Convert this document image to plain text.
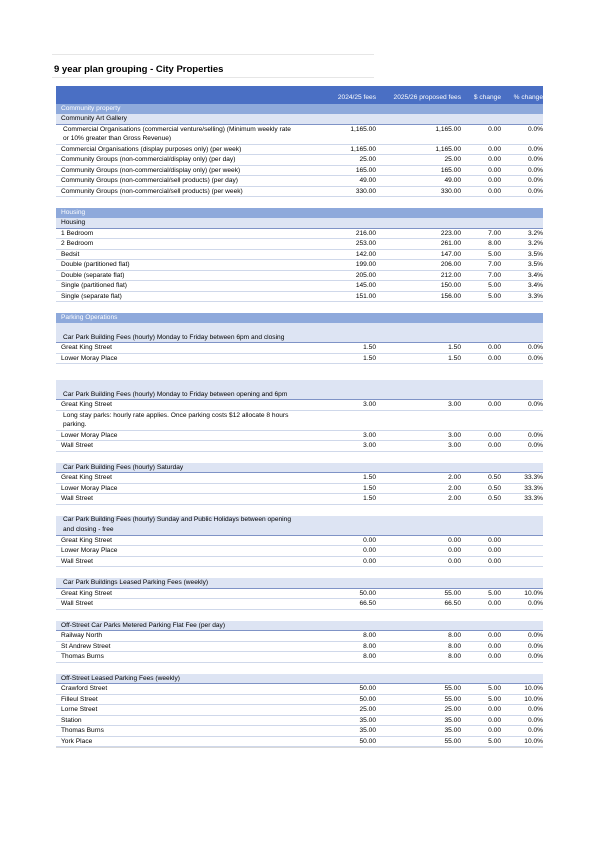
9 year plan grouping - City Properties
2024/25 fees	2025/26 proposed fees	$ change	% change
Community property
Community Art Gallery
Commercial Organisations (commercial venture/selling) (Minimum weekly rate
or 10% greater than Gross Revenue)
1,165.00	1,165.00	0.00	0.0%
Commercial Organisations (display purposes only) (per week)	1,165.00	1,165.00	0.00	0.0%
Community Groups (non-commercial/display only) (per day)	25.00	25.00	0.00	0.0%
Community Groups (non-commercial/display only) (per week)	165.00	165.00	0.00	0.0%
Community Groups (non-commercial/sell products) (per day)	49.00	49.00	0.00	0.0%
Community Groups (non-commercial/sell products) (per week)	330.00	330.00	0.00	0.0%
Housing
Housing
1 Bedroom	216.00	223.00	7.00	3.2%
2 Bedroom	253.00	261.00	8.00	3.2%
Bedsit	142.00	147.00	5.00	3.5%
Double (partitioned flat)	199.00	206.00	7.00	3.5%
Double (separate flat)	205.00	212.00	7.00	3.4%
Single (partitioned flat)	145.00	150.00	5.00	3.4%
Single (separate flat)	151.00	156.00	5.00	3.3%
Parking Operations
Car Park Building Fees (hourly) Monday to Friday between 6pm and closing
Great King Street	1.50	1.50	0.00	0.0%
Lower Moray Place	1.50	1.50	0.00	0.0%
Car Park Building Fees (hourly) Monday to Friday between opening and 6pm
Great King Street	3.00	3.00	0.00	0.0%
Long stay parks: hourly rate applies. Once parking costs $12 allocate 8 hours
parking.
Lower Moray Place	3.00	3.00	0.00	0.0%
Wall Street	3.00	3.00	0.00	0.0%
Car Park Building Fees (hourly) Saturday
Great King Street	1.50	2.00	0.50	33.3%
Lower Moray Place	1.50	2.00	0.50	33.3%
Wall Street	1.50	2.00	0.50	33.3%
Car Park Building Fees (hourly) Sunday and Public Holidays between opening
and closing - free
Great King Street	0.00	0.00	0.00
Lower Moray Place	0.00	0.00	0.00
Wall Street	0.00	0.00	0.00
Car Park Buildings Leased Parking Fees (weekly)
Great King Street	50.00	55.00	5.00	10.0%
Wall Street	66.50	66.50	0.00	0.0%
Off-Street Car Parks Metered Parking Flat Fee (per day)
Railway North	8.00	8.00	0.00	0.0%
St Andrew Street	8.00	8.00	0.00	0.0%
Thomas Burns	8.00	8.00	0.00	0.0%
Off-Street Leased Parking Fees (weekly)
Crawford Street	50.00	55.00	5.00	10.0%
Filleul Street	50.00	55.00	5.00	10.0%
Lorne Street	25.00	25.00	0.00	0.0%
Station	35.00	35.00	0.00	0.0%
Thomas Burns	35.00	35.00	0.00	0.0%
York Place	50.00	55.00	5.00	10.0%
